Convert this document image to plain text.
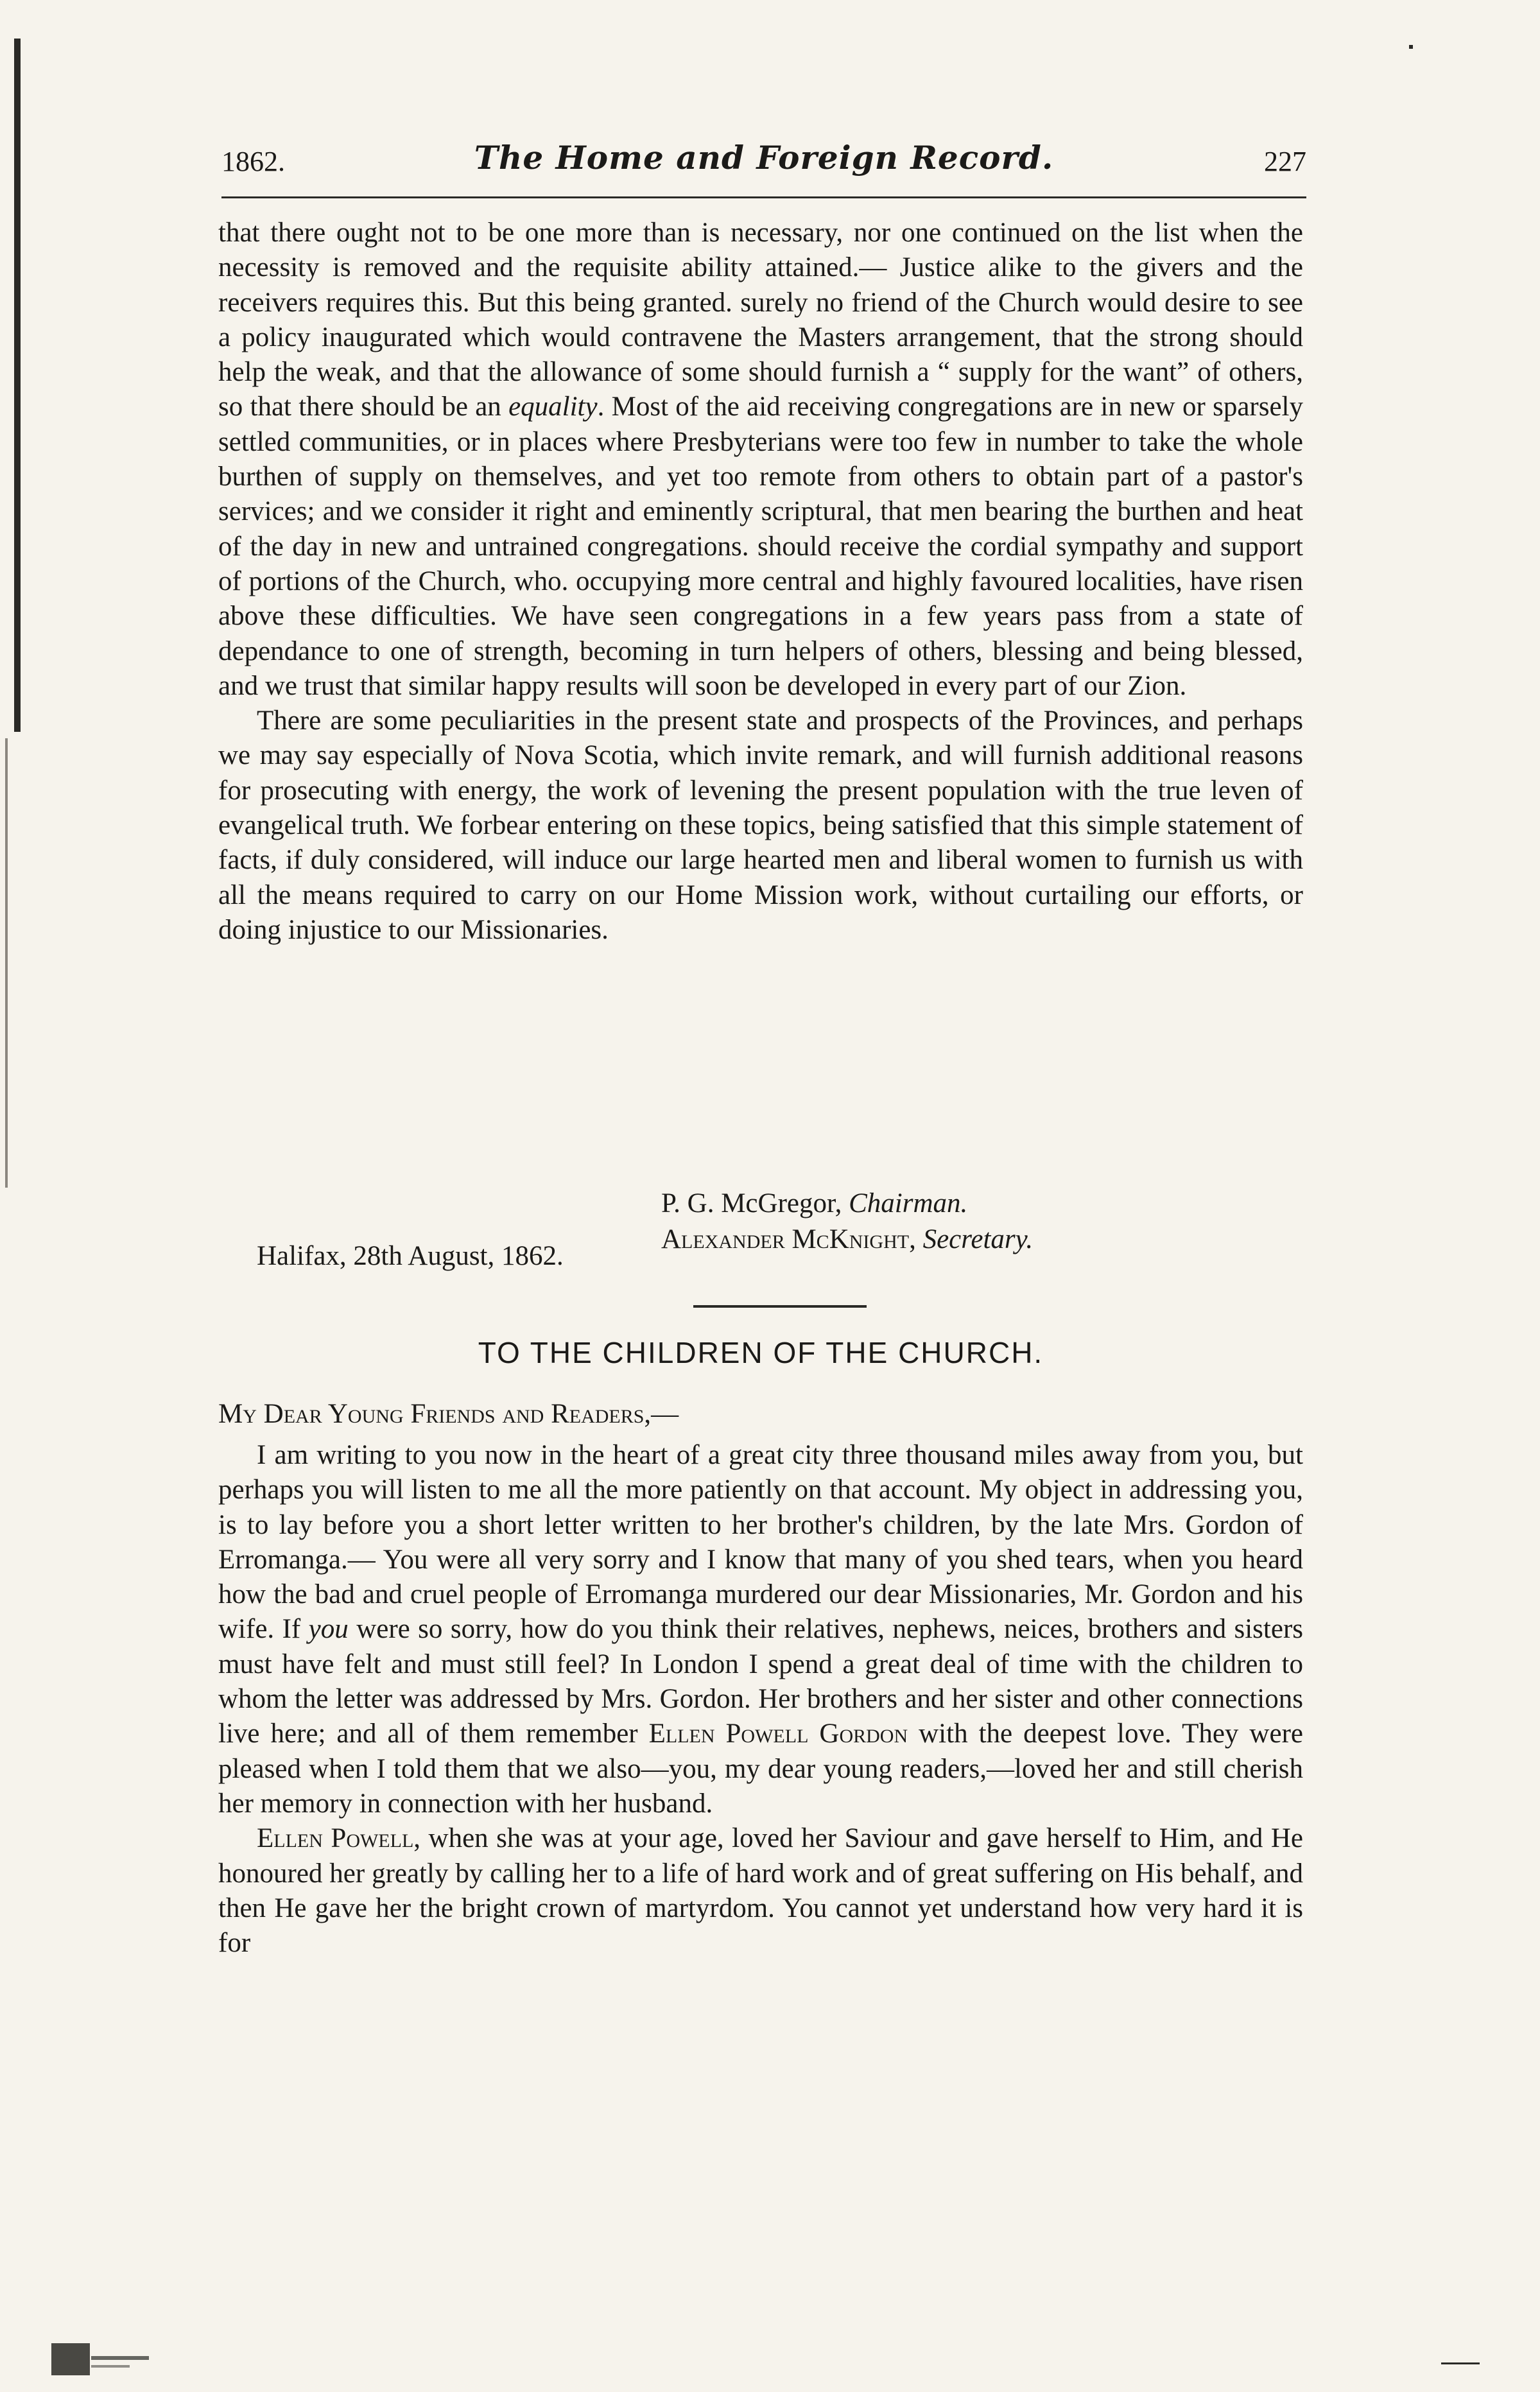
1862.	The Home and Foreign Record.	227

that there ought not to be one more than is necessary, nor one continued on the list when the necessity is removed and the requisite ability attained.— Justice alike to the givers and the receivers requires this. But this being granted. surely no friend of the Church would desire to see a policy inaugurated which would contravene the Masters arrangement, that the strong should help the weak, and that the allowance of some should furnish a “ supply for the want” of others, so that there should be an equality. Most of the aid receiving congregations are in new or sparsely settled communities, or in places where Presbyterians were too few in number to take the whole burthen of supply on themselves, and yet too remote from others to obtain part of a pastor's services; and we consider it right and eminently scriptural, that men bearing the burthen and heat of the day in new and untrained congregations. should receive the cordial sympathy and support of portions of the Church, who. occupying more central and highly favoured localities, have risen above these difficulties. We have seen congregations in a few years pass from a state of dependance to one of strength, becoming in turn helpers of others, blessing and being blessed, and we trust that similar happy results will soon be developed in every part of our Zion.

There are some peculiarities in the present state and prospects of the Provinces, and perhaps we may say especially of Nova Scotia, which invite remark, and will furnish additional reasons for prosecuting with energy, the work of levening the present population with the true leven of evangelical truth. We forbear entering on these topics, being satisfied that this simple statement of facts, if duly considered, will induce our large hearted men and liberal women to furnish us with all the means required to carry on our Home Mission work, without curtailing our efforts, or doing injustice to our Missionaries.

P. G. McGregor, Chairman.
Alexander McKnight, Secretary.
Halifax, 28th August, 1862.
TO THE CHILDREN OF THE CHURCH.
My Dear Young Friends and Readers,—

I am writing to you now in the heart of a great city three thousand miles away from you, but perhaps you will listen to me all the more patiently on that account. My object in addressing you, is to lay before you a short letter written to her brother's children, by the late Mrs. Gordon of Erromanga.— You were all very sorry and I know that many of you shed tears, when you heard how the bad and cruel people of Erromanga murdered our dear Missionaries, Mr. Gordon and his wife. If you were so sorry, how do you think their relatives, nephews, neices, brothers and sisters must have felt and must still feel? In London I spend a great deal of time with the children to whom the letter was addressed by Mrs. Gordon. Her brothers and her sister and other connections live here; and all of them remember Ellen Powell Gordon with the deepest love. They were pleased when I told them that we also—you, my dear young readers,—loved her and still cherish her memory in connection with her husband.

Ellen Powell, when she was at your age, loved her Saviour and gave herself to Him, and He honoured her greatly by calling her to a life of hard work and of great suffering on His behalf, and then He gave her the bright crown of martyrdom. You cannot yet understand how very hard it is for
